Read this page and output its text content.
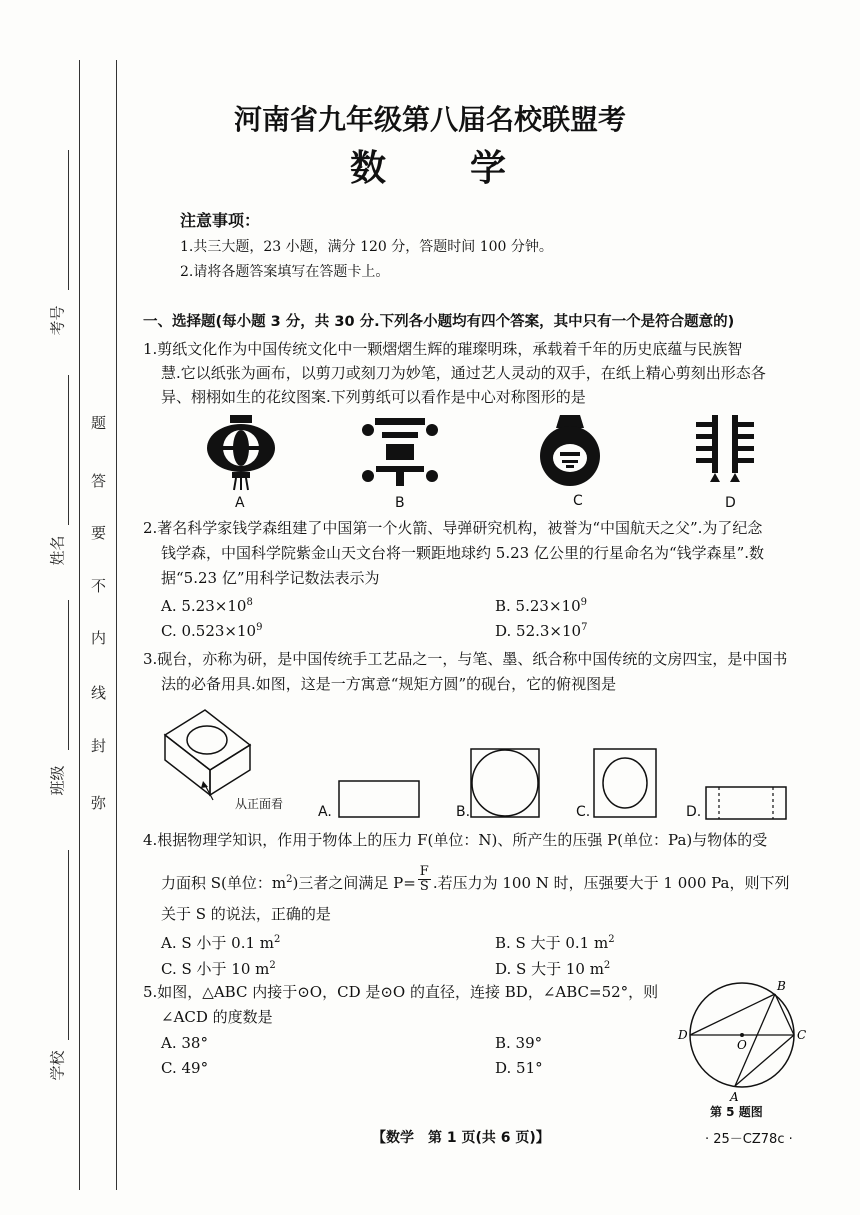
考号
姓名
班级
学校
题
答
要
不
内
线
封
弥
河南省九年级第八届名校联盟考
数　　学
注意事项：
1.共三大题，23 小题，满分 120 分，答题时间 100 分钟。
2.请将各题答案填写在答题卡上。
一、选择题(每小题 3 分，共 30 分.下列各小题均有四个答案，其中只有一个是符合题意的)
1.剪纸文化作为中国传统文化中一颗熠熠生辉的璀璨明珠，承载着千年的历史底蕴与民族智
慧.它以纸张为画布，以剪刀或刻刀为妙笔，通过艺人灵动的双手，在纸上精心剪刻出形态各
异、栩栩如生的花纹图案.下列剪纸可以看作是中心对称图形的是
A	B	C	D
2.著名科学家钱学森组建了中国第一个火箭、导弹研究机构，被誉为“中国航天之父”.为了纪念
钱学森，中国科学院紫金山天文台将一颗距地球约 5.23 亿公里的行星命名为“钱学森星”.数
据“5.23 亿”用科学记数法表示为
A. $5.23\times 10^8$	B. $5.23\times 10^9$
C. $0.523\times 10^9$	D. $52.3\times 10^7$
3.砚台，亦称为研，是中国传统手工艺品之一，与笔、墨、纸合称中国传统的文房四宝，是中国书
法的必备用具.如图，这是一方寓意“规矩方圆”的砚台，它的俯视图是
从正面看 A.	B.	C.	D.
4.根据物理学知识，作用于物体上的压力 F(单位：N)、所产生的压强 P(单位：Pa)与物体的受
力面积 S(单位：$m^2$)三者之间满足 $P= \frac{F}{S}$ .若压力为 100 N 时，压强要大于 1 000 Pa，则下列
关于 S 的说法，正确的是
A. S 小于 0.1 $m^2$	B. S 大于 0.1 $m^2$
C. S 小于 10 $m^2$	D. S 大于 10 $m^2$
5.如图，△ABC 内接于⊙O，CD 是⊙O 的直径，连接 BD，∠ABC=52°，则
∠ACD 的度数是
A. 38°	B. 39°
C. 49°	D. 51°
B
D
O
C
A
第 5 题图
【数学　第 1 页(共 6 页)】	· 25－CZ78c ·
